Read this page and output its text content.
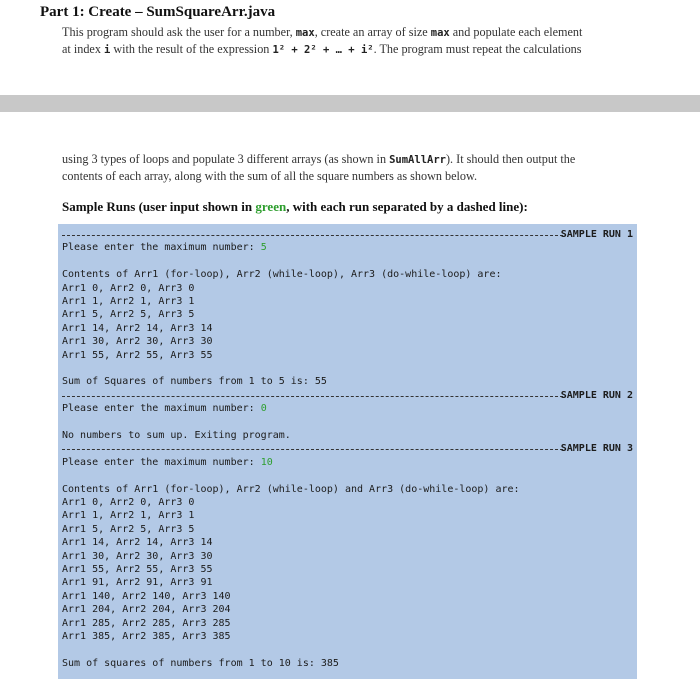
Part 1: Create – SumSquareArr.java
This program should ask the user for a number, max, create an array of size max and populate each element
at index i with the result of the expression 1² + 2² + … + i². The program must repeat the calculations
using 3 types of loops and populate 3 different arrays (as shown in SumAllArr). It should then output the
contents of each array, along with the sum of all the square numbers as shown below.
Sample Runs (user input shown in green, with each run separated by a dashed line):
SAMPLE RUN 1
Please enter the maximum number: 5
Contents of Arr1 (for-loop), Arr2 (while-loop), Arr3 (do-while-loop) are:
Arr1 0, Arr2 0, Arr3 0
Arr1 1, Arr2 1, Arr3 1
Arr1 5, Arr2 5, Arr3 5
Arr1 14, Arr2 14, Arr3 14
Arr1 30, Arr2 30, Arr3 30
Arr1 55, Arr2 55, Arr3 55
Sum of Squares of numbers from 1 to 5 is: 55
SAMPLE RUN 2
Please enter the maximum number: 0
No numbers to sum up. Exiting program.
SAMPLE RUN 3
Please enter the maximum number: 10
Contents of Arr1 (for-loop), Arr2 (while-loop) and Arr3 (do-while-loop) are:
Arr1 0, Arr2 0, Arr3 0
Arr1 1, Arr2 1, Arr3 1
Arr1 5, Arr2 5, Arr3 5
Arr1 14, Arr2 14, Arr3 14
Arr1 30, Arr2 30, Arr3 30
Arr1 55, Arr2 55, Arr3 55
Arr1 91, Arr2 91, Arr3 91
Arr1 140, Arr2 140, Arr3 140
Arr1 204, Arr2 204, Arr3 204
Arr1 285, Arr2 285, Arr3 285
Arr1 385, Arr2 385, Arr3 385
Sum of squares of numbers from 1 to 10 is: 385
